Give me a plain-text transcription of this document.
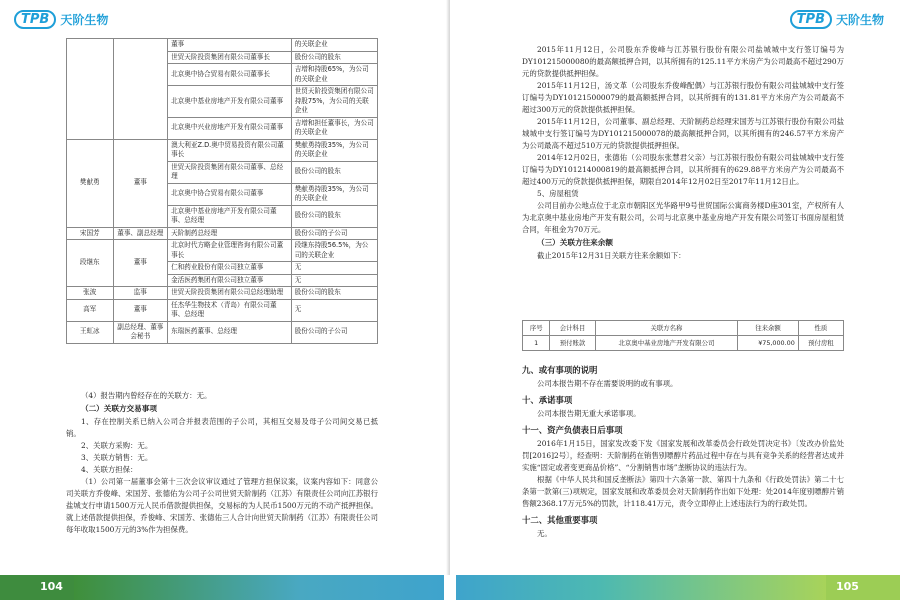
TPB 天阶生物
		董事	的关联企业
		世贸天阶投资集团有限公司董事长	股份公司的股东
		北京奥中协合贸易有限公司董事长	吉增和持股65%，为公司的关联企业
		北京奥中基业房地产开发有限公司董事	世贸天阶投资集团有限公司持股75%，为公司的关联企业
		北京奥中兴业房地产开发有限公司董事	吉增和担任董事长，为公司的关联企业
樊献勇	董事	澳大利亚Z.D.奥中贸易投资有限公司董事长	樊献勇持股35%，为公司的关联企业
		世贸天阶投资集团有限公司董事、总经理	股份公司的股东
		北京奥中协合贸易有限公司董事	樊献勇持股35%，为公司的关联企业
		北京奥中基业房地产开发有限公司董事、总经理	股份公司的股东
宋国芳	董事、副总经理	天阶制药总经理	股份公司的子公司
段继东	董事	北京时代方略企业管理咨询有限公司董事长	段继东持股56.5%，为公司的关联企业
		仁和药业股份有限公司独立董事	无
		金活医药集团有限公司独立董事	无
张波	监事	世贸天阶投资集团有限公司总经理助理	股份公司的股东
高军	董事	任杰华生物技术（青岛）有限公司董事、总经理	无
王虹冰	副总经理、董事会秘书	东瑞医药董事、总经理	股份公司的子公司

（4）报告期内曾经存在的关联方：无。

（二）关联方交易事项

1、存在控制关系已纳入公司合并报表范围的子公司，其相互交易及母子公司间交易已抵销。

2、关联方采购：无。

3、关联方销售：无。

4、关联方担保：

（1）公司第一届董事会第十三次会议审议通过了管理方担保议案，议案内容如下：同意公司关联方乔俊峰、宋国芳、张德佑为公司子公司世贸天阶制药（江苏）有限责任公司向江苏银行盐城支行申请1500万元人民币借款提供担保，交易标的为人民币1500万元的不动产抵押担保。就上述借款提供担保，乔俊峰、宋国芳、张德佑三人合计向世贸天阶制药（江苏）有限责任公司每年收取1500万元的3%作为担保费。

TPB 天阶生物

2015年11月12日，公司股东乔俊峰与江苏银行股份有限公司盐城城中支行签订编号为DY101215000080的最高额抵押合同，以其所拥有的125.11平方米房产为公司最高不超过290万元的贷款提供抵押担保。

2015年11月12日，汤文革（公司股东乔俊峰配偶）与江苏银行股份有限公司盐城城中支行签订编号为DY101215000079的最高额抵押合同，以其所拥有的131.81平方米房产为公司最高不超过300万元的贷款提供抵押担保。

2015年11月12日，公司董事、副总经理、天阶制药总经理宋国芳与江苏银行股份有限公司盐城城中支行签订编号为DY101215000078的最高额抵押合同，以其所拥有的246.57平方米房产为公司最高不超过510万元的贷款提供抵押担保。

2014年12月02日，张德佑（公司股东张慧君父亲）与江苏银行股份有限公司盐城城中支行签订编号为DY101214000819的最高额抵押合同，以其所拥有的629.88平方米房产为公司最高不超过400万元的贷款提供抵押担保，期限自2014年12月02日至2017年11月12日止。

5、房屋租赁

公司目前办公地点位于北京市朝阳区光华路甲9号世贸国际公寓商务楼D座301室，产权所有人为北京奥中基业房地产开发有限公司，公司与北京奥中基业房地产开发有限公司签订书面房屋租赁合同，年租金为70万元。

（三）关联方往来余额

截止2015年12月31日关联方往来余额如下：

九、或有事项的说明

公司本报告期不存在需要说明的或有事项。

十、承诺事项

公司本报告期无重大承诺事项。

十一、资产负债表日后事项

2016年1月15日，国家发改委下发《国家发展和改革委员会行政处罚决定书》〔发改办价监处罚[2016]2号〕，经查明：天阶制药在销售别嘌醇片药品过程中存在与具有竞争关系的经营者达成并实施“固定或者变更商品价格”、“分割销售市场”垄断协议的违法行为。

根据《中华人民共和国反垄断法》第四十六条第一款、第四十九条和《行政处罚法》第二十七条第一款第(三)项规定，国家发展和改革委员会对天阶制药作出如下处理：处2014年度别嘌醇片销售额2368.17万元5%的罚款，计118.41万元，责令立即停止上述违法行为的行政处罚。

十二、其他重要事项

无。

序号	会计科目	关联方名称	往来余额	性质
1	预付账款	北京奥中基业房地产开发有限公司	¥75,000.00	预付房租
104	105
